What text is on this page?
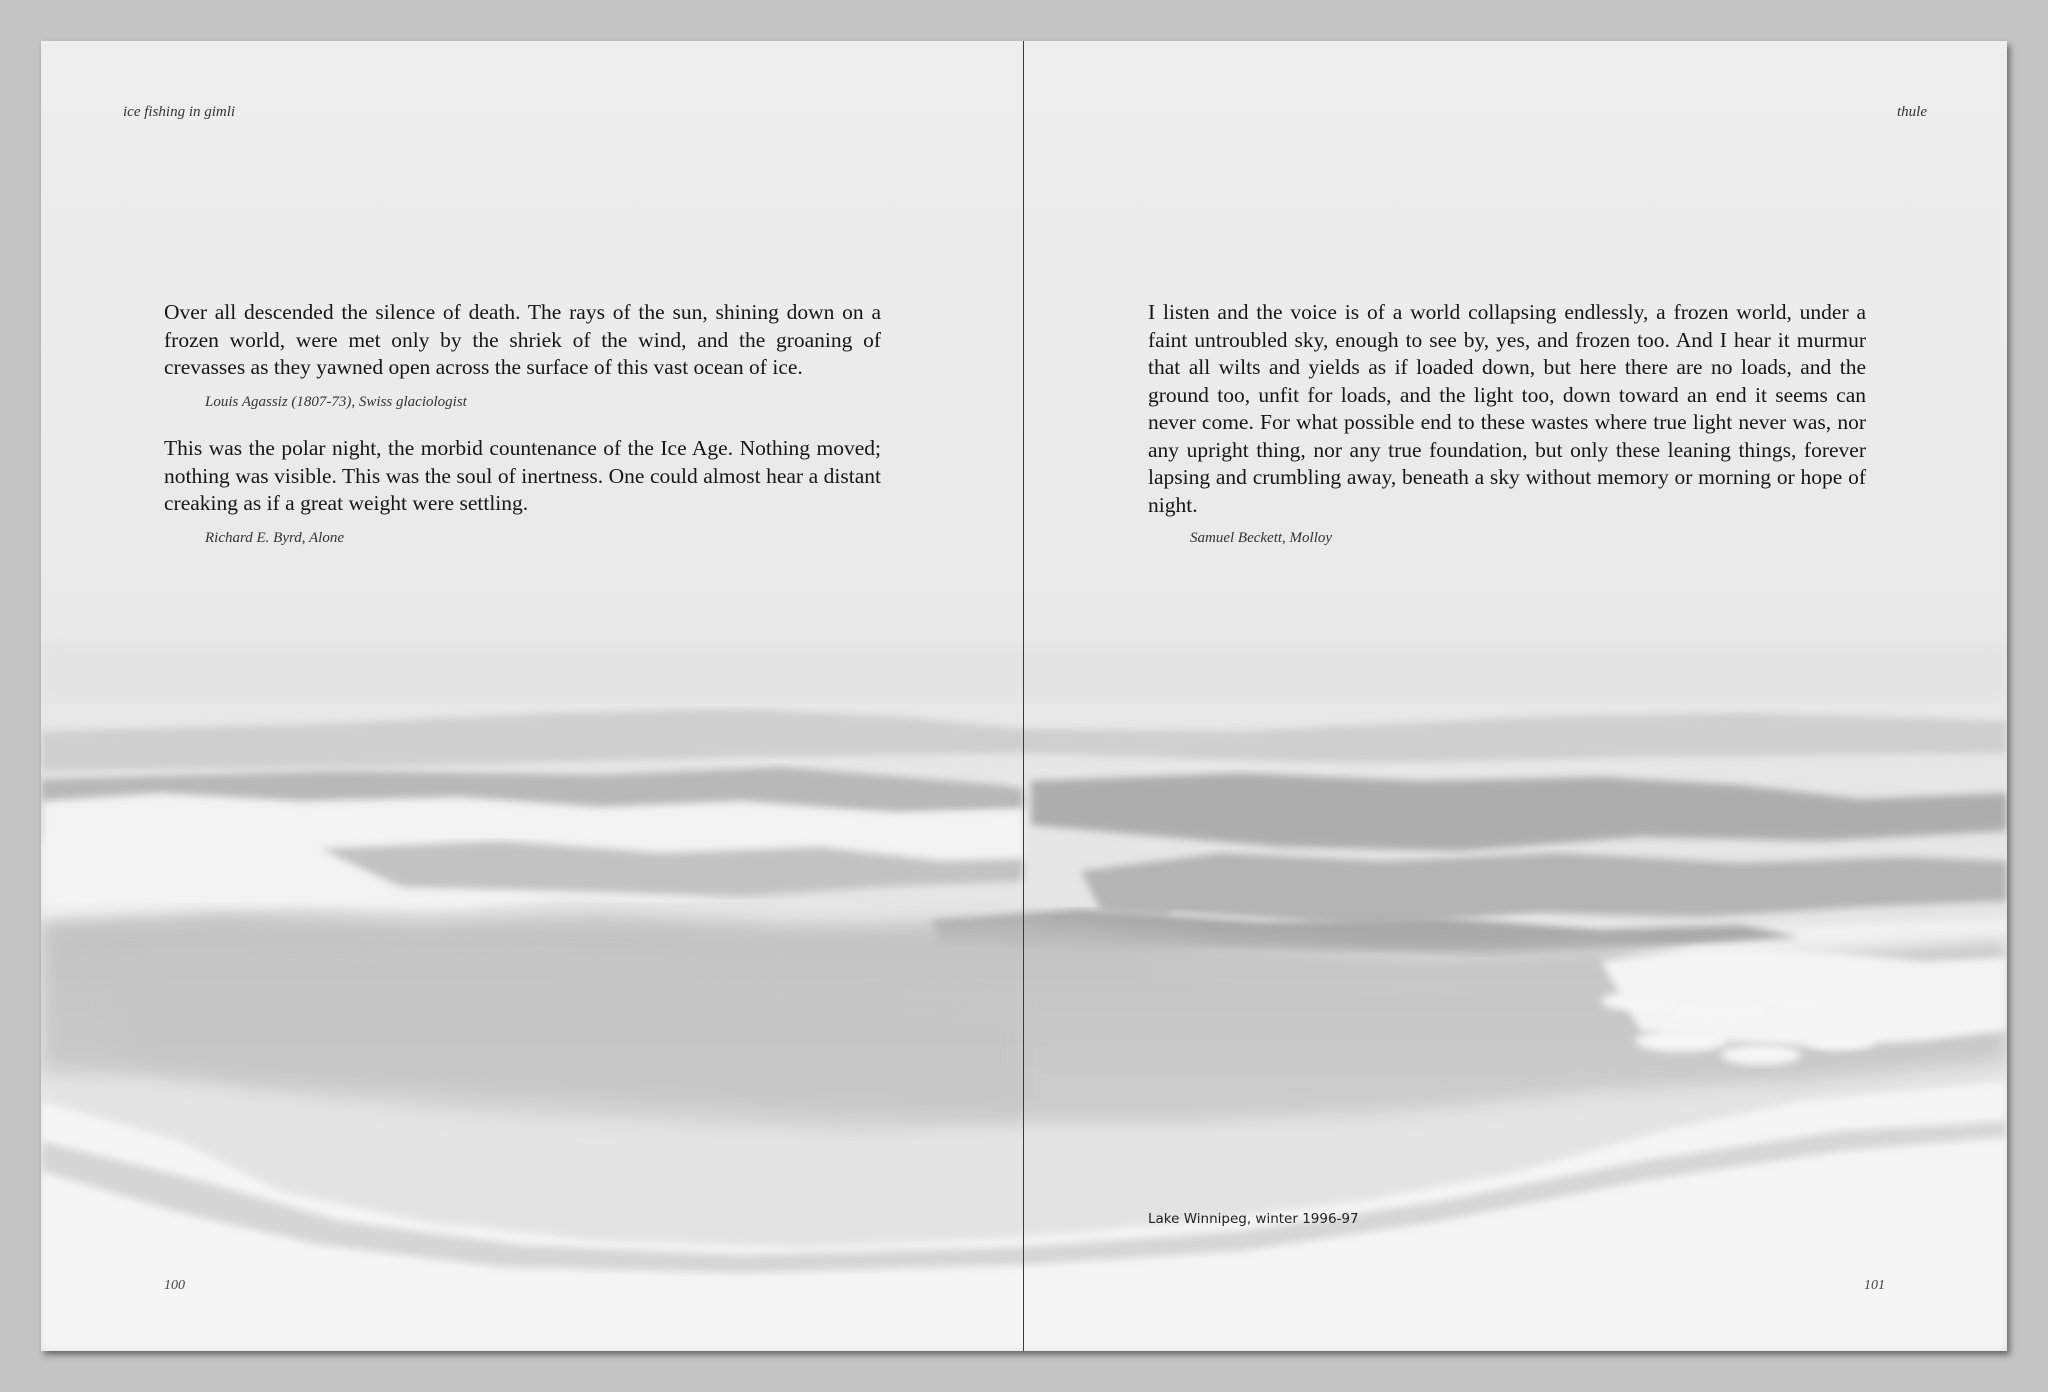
ice fishing in gimli

Over all descended the silence of death. The rays of the sun, shining down on a frozen world, were met only by the shriek of the wind, and the groaning of crevasses as they yawned open across the surface of this vast ocean of ice.

Louis Agassiz (1807-73), Swiss glaciologist

This was the polar night, the morbid countenance of the Ice Age. Nothing moved; nothing was visible. This was the soul of inertness. One could almost hear a distant creaking as if a great weight were settling.

Richard E. Byrd, Alone

100
thule

I listen and the voice is of a world collapsing endlessly, a frozen world, under a faint untroubled sky, enough to see by, yes, and frozen too. And I hear it murmur that all wilts and yields as if loaded down, but here there are no loads, and the ground too, unfit for loads, and the light too, down toward an end it seems can never come. For what possible end to these wastes where true light never was, nor any upright thing, nor any true foundation, but only these leaning things, forever lapsing and crumbling away, beneath a sky without memory or morning or hope of night.

Samuel Beckett, Molloy

Lake Winnipeg, winter 1996-97
101
